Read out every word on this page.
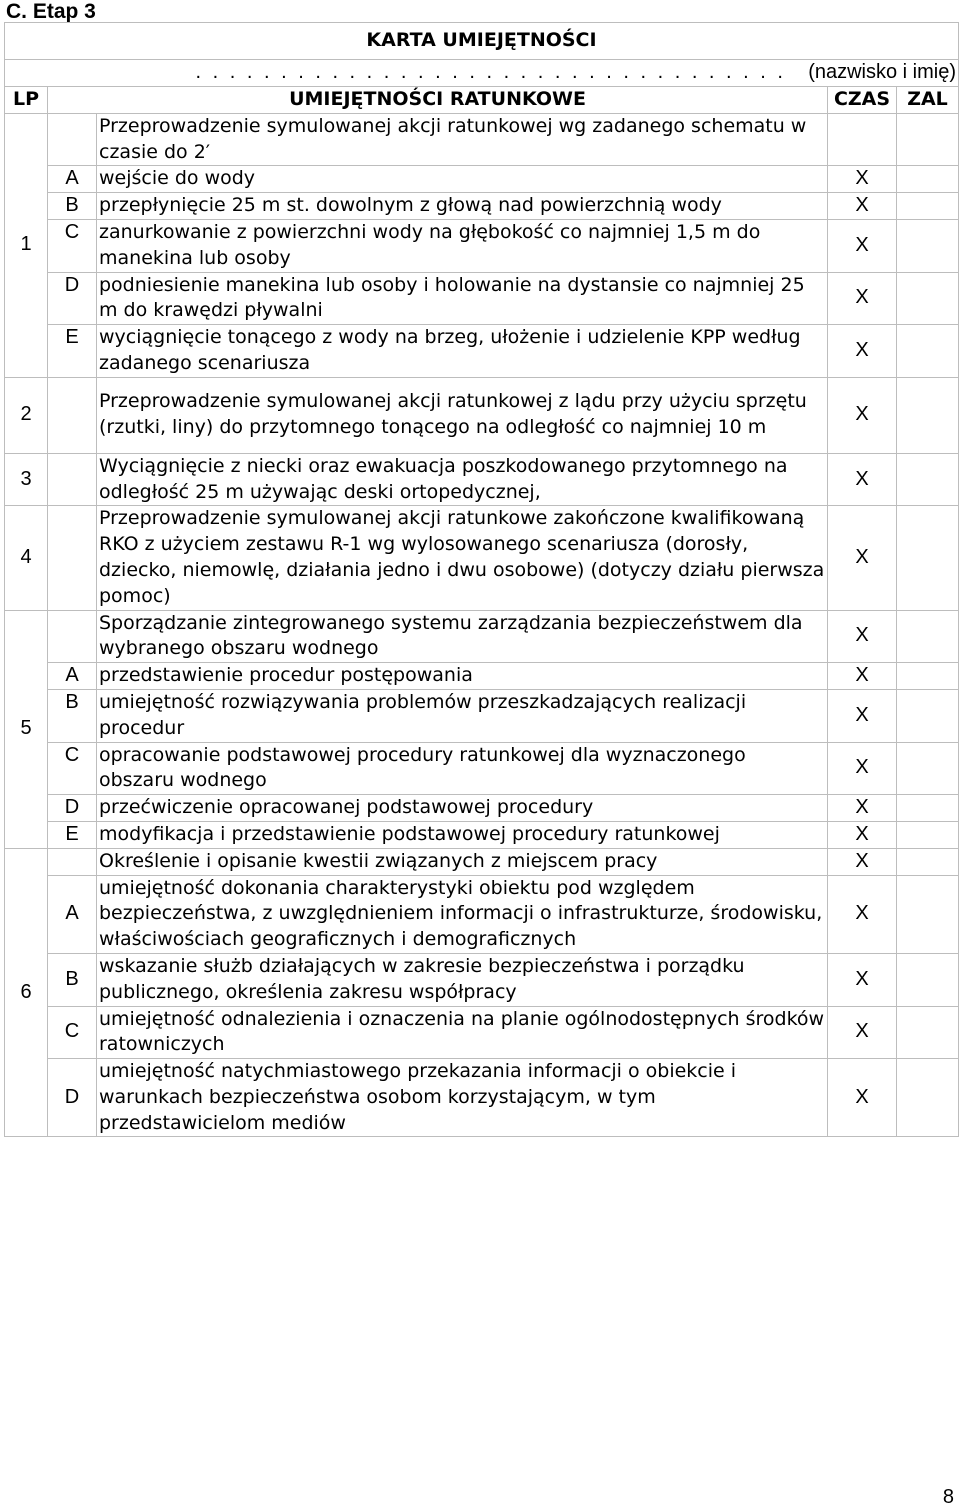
C. Etap 3
KARTA UMIEJĘTNOŚCI				
. . . . . . . . . . . . . . . . . . . . . . . . . . . . . . . . . . . (nazwisko i imię)				
LP	UMIEJĘTNOŚCI RATUNKOWE		CZAS	ZAL
1		Przeprowadzenie symulowanej akcji ratunkowej wg zadanego schematu w czasie do 2′		
	A	wejście do wody	X	
	B	przepłynięcie 25 m st. dowolnym z głową nad powierzchnią wody	X	
	C	zanurkowanie z powierzchni wody na głębokość co najmniej 1,5 m do manekina lub osoby	X	
	D	podniesienie manekina lub osoby i holowanie na dystansie co najmniej 25 m do krawędzi pływalni	X	
	E	wyciągnięcie tonącego z wody na brzeg, ułożenie i udzielenie KPP według zadanego scenariusza	X	
2		Przeprowadzenie symulowanej akcji ratunkowej z lądu przy użyciu sprzętu (rzutki, liny) do przytomnego tonącego na odległość co najmniej 10 m	X	
3		Wyciągnięcie z niecki oraz ewakuacja poszkodowanego przytomnego na odległość 25 m używając deski ortopedycznej,	X	
4		Przeprowadzenie symulowanej akcji ratunkowe zakończone kwalifikowaną RKO z użyciem zestawu R-1 wg wylosowanego scenariusza (dorosły, dziecko, niemowlę, działania jedno i dwu osobowe) (dotyczy działu pierwsza pomoc)	X	
5		Sporządzanie zintegrowanego systemu zarządzania bezpieczeństwem dla wybranego obszaru wodnego	X	
	A	przedstawienie procedur postępowania	X	
	B	umiejętność rozwiązywania problemów przeszkadzających realizacji procedur	X	
	C	opracowanie podstawowej procedury ratunkowej dla wyznaczonego obszaru wodnego	X	
	D	przećwiczenie opracowanej podstawowej procedury	X	
	E	modyfikacja i przedstawienie podstawowej procedury ratunkowej	X	
6		Określenie i opisanie kwestii związanych z miejscem pracy	X	
	A	umiejętność dokonania charakterystyki obiektu pod względem bezpieczeństwa, z uwzględnieniem informacji o infrastrukturze, środowisku, właściwościach geograficznych i demograficznych	X	
	B	wskazanie służb działających w zakresie bezpieczeństwa i porządku publicznego, określenia zakresu współpracy	X	
	C	umiejętność odnalezienia i oznaczenia na planie ogólnodostępnych środków ratowniczych	X	
	D	umiejętność natychmiastowego przekazania informacji o obiekcie i warunkach bezpieczeństwa osobom korzystającym, w tym przedstawicielom mediów	X	
8
